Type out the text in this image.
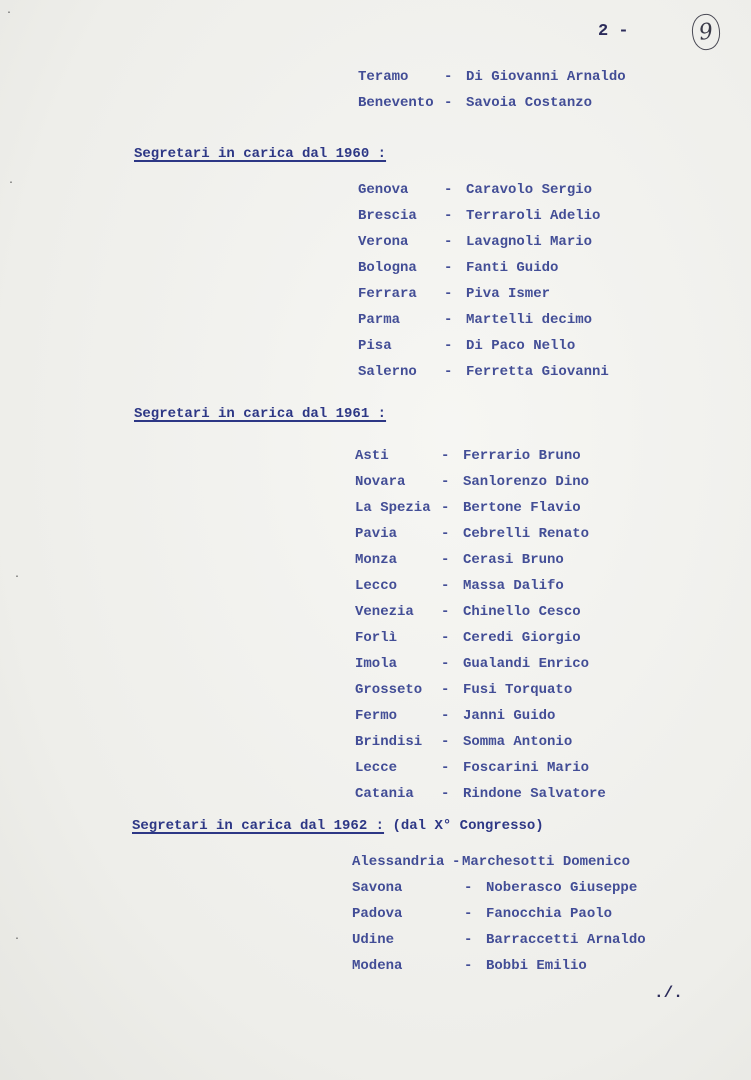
·
·
·
·
2 -	9
Teramo	- Di Giovanni Arnaldo
Benevento - Savoia Costanzo
Segretari in carica dal 1960 :
Genova	- Caravolo Sergio
Brescia	- Terraroli Adelio
Verona	- Lavagnoli Mario
Bologna	- Fanti Guido
Ferrara	- Piva Ismer
Parma	- Martelli decimo
Pisa	- Di Paco Nello
Salerno	- Ferretta Giovanni
Segretari in carica dal 1961 :
Asti	- Ferrario Bruno
Novara	- Sanlorenzo Dino
La Spezia - Bertone Flavio
Pavia	- Cebrelli Renato
Monza	- Cerasi Bruno
Lecco	- Massa Dalifo
Venezia	- Chinello Cesco
Forlì	- Ceredi Giorgio
Imola	- Gualandi Enrico
Grosseto	- Fusi Torquato
Fermo	- Janni Guido
Brindisi	- Somma Antonio
Lecce	- Foscarini Mario
Catania	- Rindone Salvatore
Segretari in carica dal 1962 : (dal X° Congresso)
Alessandria - Marchesotti Domenico
Savona	- Noberasco Giuseppe
Padova	- Fanocchia Paolo
Udine	- Barraccetti Arnaldo
Modena	- Bobbi Emilio
./.
